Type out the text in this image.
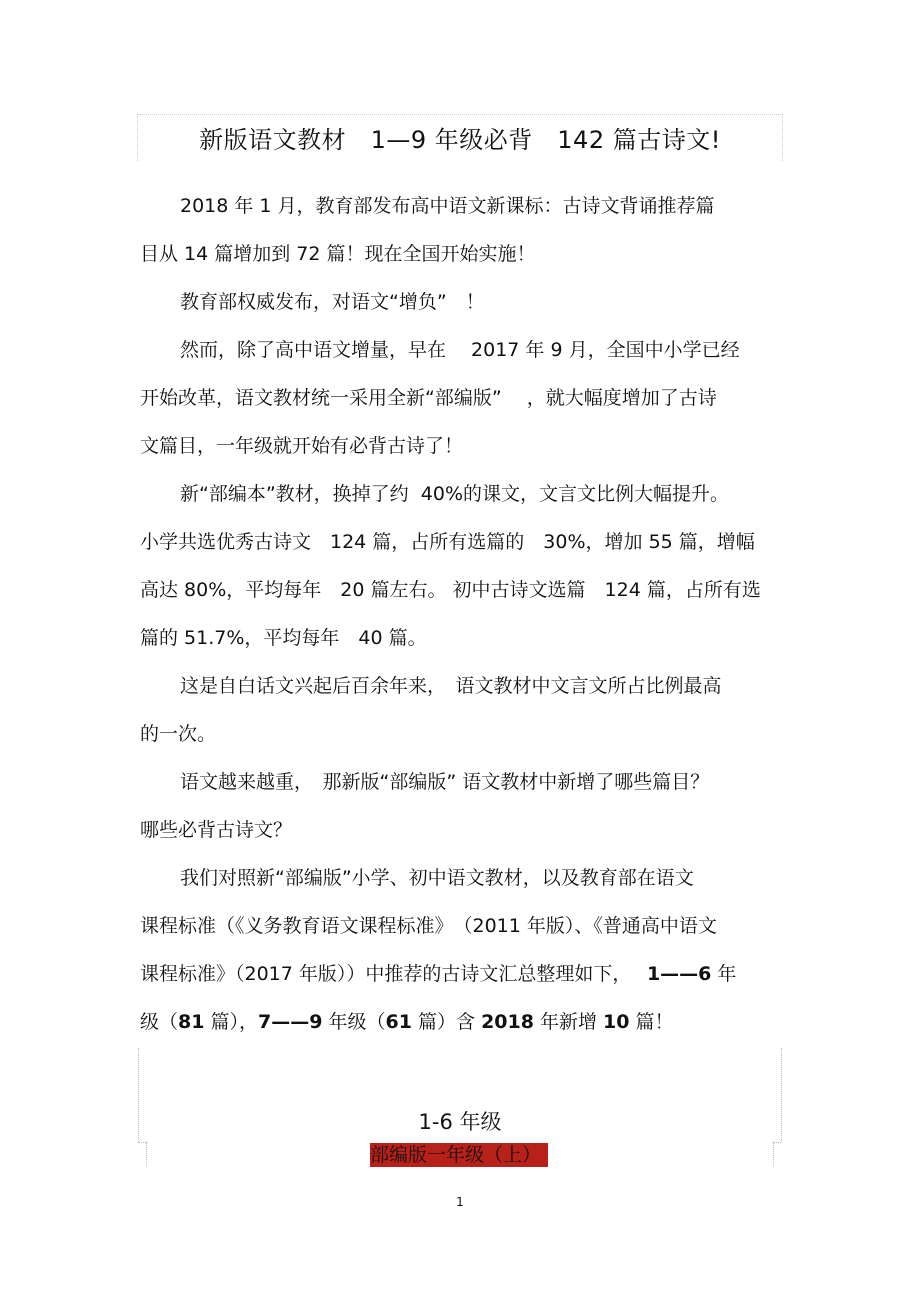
新版语文教材　1—9 年级必背　142 篇古诗文!
2018 年 1 月，教育部发布高中语文新课标：古诗文背诵推荐篇
目从 14 篇增加到 72 篇！现在全国开始实施！
教育部权威发布，对语文“增负”　！
然而，除了高中语文增量，早在　 2017 年 9 月，全国中小学已经
开始改革，语文教材统一采用全新“部编版”　 ，就大幅度增加了古诗
文篇目，一年级就开始有必背古诗了！
新“部编本”教材，换掉了约  40%的课文，文言文比例大幅提升。
小学共选优秀古诗文　124 篇，占所有选篇的　30%，增加 55 篇，增幅
高达 80%，平均每年　20 篇左右。 初中古诗文选篇　124 篇，占所有选
篇的 51.7%，平均每年　40 篇。
这是自白话文兴起后百余年来，　语文教材中文言文所占比例最高
的一次。
语文越来越重，　那新版“部编版” 语文教材中新增了哪些篇目？
哪些必背古诗文？
我们对照新“部编版”小学、初中语文教材，以及教育部在语文
课程标准（《义务教育语文课程标准》　（2011 年版）、《普通高中语文
课程标准》（2017 年版））中推荐的古诗文汇总整理如下，　 1——6 年
级（81 篇），7——9 年级（61 篇）含 2018 年新增 10 篇！
1-6 年级
部编版一年级（上）
1
